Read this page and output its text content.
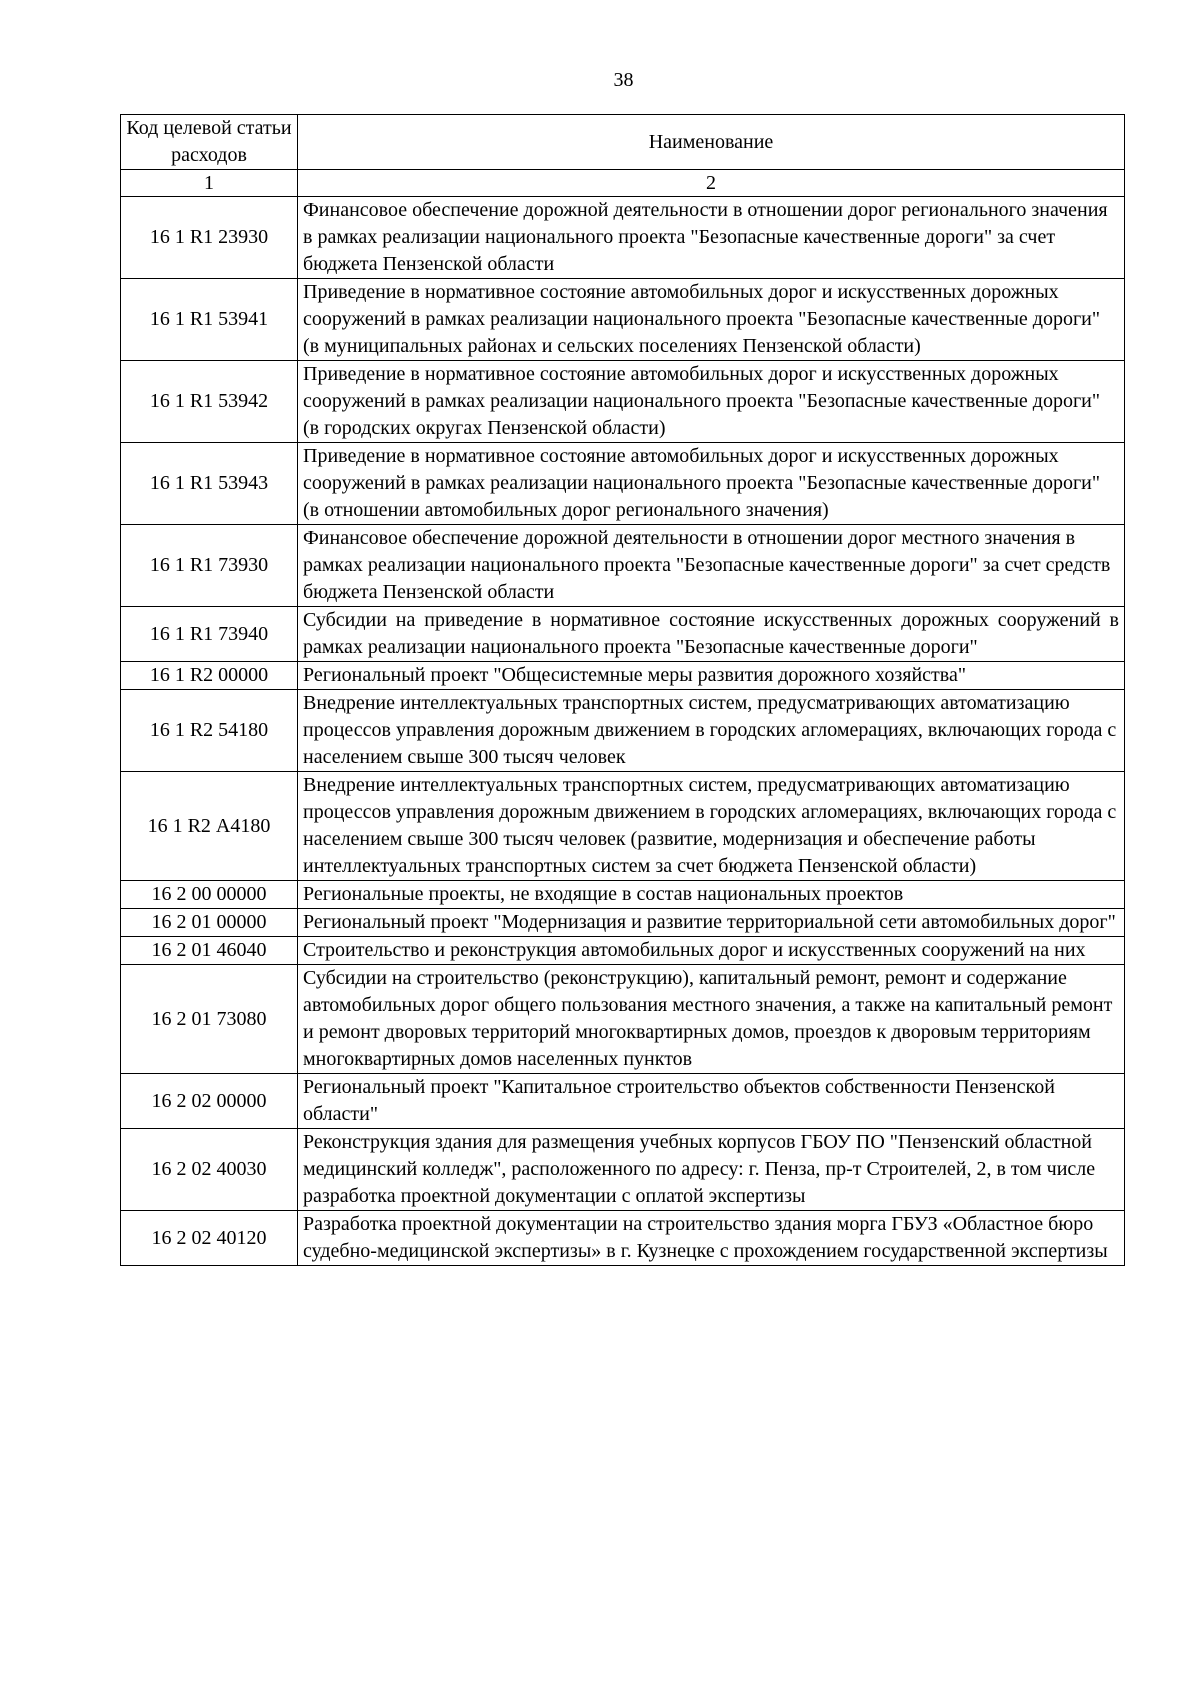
38
Код целевой статьи расходов	Наименование
1	2
16 1 R1 23930	Финансовое обеспечение дорожной деятельности в отношении дорог регионального значения в рамках реализации национального проекта "Безопасные качественные дороги" за счет бюджета Пензенской области
16 1 R1 53941	Приведение в нормативное состояние автомобильных дорог и искусственных дорожных сооружений в рамках реализации национального проекта "Безопасные качественные дороги" (в муниципальных районах и сельских поселениях Пензенской области)
16 1 R1 53942	Приведение в нормативное состояние автомобильных дорог и искусственных дорожных сооружений в рамках реализации национального проекта "Безопасные качественные дороги" (в городских округах Пензенской области)
16 1 R1 53943	Приведение в нормативное состояние автомобильных дорог и искусственных дорожных сооружений в рамках реализации национального проекта "Безопасные качественные дороги" (в отношении автомобильных дорог регионального значения)
16 1 R1 73930	Финансовое обеспечение дорожной деятельности в отношении дорог местного значения в рамках реализации национального проекта "Безопасные качественные дороги" за счет средств бюджета Пензенской области
16 1 R1 73940	Субсидии на приведение в нормативное состояние искусственных дорожных сооружений в рамках реализации национального проекта "Безопасные качественные дороги"
16 1 R2 00000	Региональный проект "Общесистемные меры развития дорожного хозяйства"
16 1 R2 54180	Внедрение интеллектуальных транспортных систем, предусматривающих автоматизацию процессов управления дорожным движением в городских агломерациях, включающих города с населением свыше 300 тысяч человек
16 1 R2 А4180	Внедрение интеллектуальных транспортных систем, предусматривающих автоматизацию процессов управления дорожным движением в городских агломерациях, включающих города с населением свыше 300 тысяч человек (развитие, модернизация и обеспечение работы интеллектуальных транспортных систем за счет бюджета Пензенской области)
16 2 00 00000	Региональные проекты, не входящие в состав национальных проектов
16 2 01 00000	Региональный проект "Модернизация и развитие территориальной сети автомобильных дорог"
16 2 01 46040	Строительство и реконструкция автомобильных дорог и искусственных сооружений на них
16 2 01 73080	Субсидии на строительство (реконструкцию), капитальный ремонт, ремонт и содержание автомобильных дорог общего пользования местного значения, а также на капитальный ремонт и ремонт дворовых территорий многоквартирных домов, проездов к дворовым территориям многоквартирных домов населенных пунктов
16 2 02 00000	Региональный проект "Капитальное строительство объектов собственности Пензенской области"
16 2 02 40030	Реконструкция здания для размещения учебных корпусов ГБОУ ПО "Пензенский областной медицинский колледж", расположенного по адресу: г. Пенза, пр-т Строителей, 2, в том числе разработка проектной документации с оплатой экспертизы
16 2 02 40120	Разработка проектной документации на строительство здания морга ГБУЗ «Областное бюро судебно-медицинской экспертизы» в г. Кузнецке с прохождением государственной экспертизы
